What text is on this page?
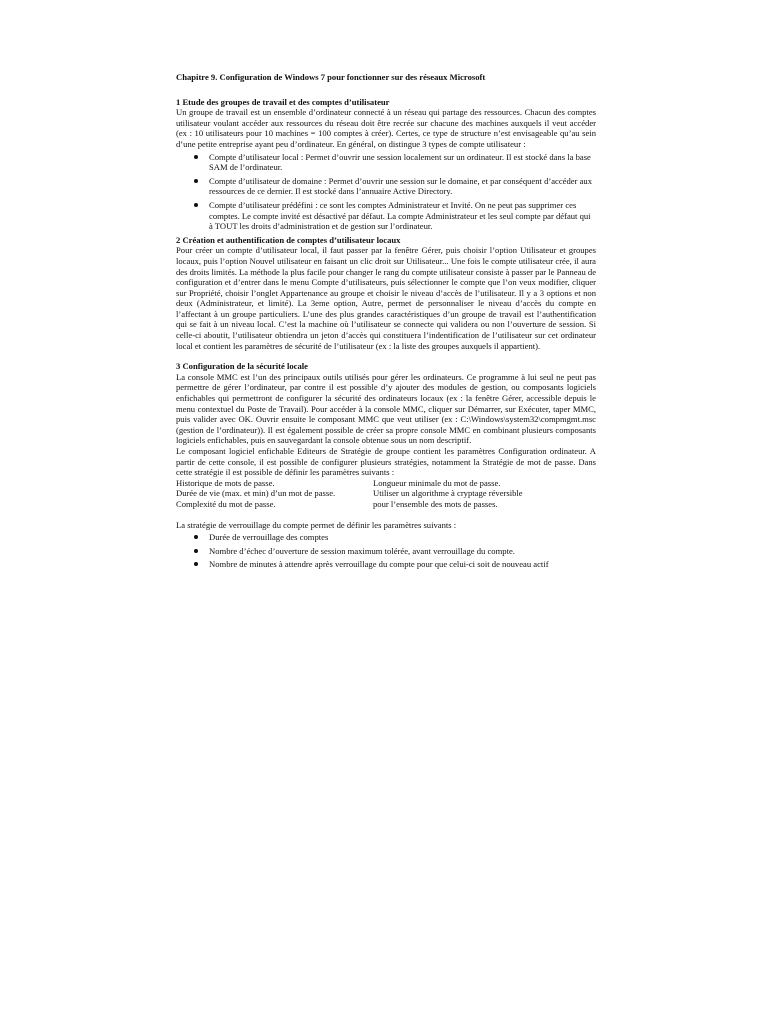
Chapitre 9. Configuration de Windows 7 pour fonctionner sur des réseaux Microsoft
1 Etude des groupes de travail et des comptes d’utilisateur

Un groupe de travail est un ensemble d’ordinateur connecté à un réseau qui partage des ressources. Chacun des comptes utilisateur voulant accéder aux ressources du réseau doit être recrée sur chacune des machines auxquels il veut accéder (ex : 10 utilisateurs pour 10 machines = 100 comptes à créer). Certes, ce type de structure n’est envisageable qu’au sein d’une petite entreprise ayant peu d’ordinateur. En général, on distingue 3 types de compte utilisateur :

Compte d’utilisateur local : Permet d’ouvrir une session localement sur un ordinateur. Il est stocké dans la base SAM de l’ordinateur.
Compte d’utilisateur de domaine : Permet d’ouvrir une session sur le domaine, et par conséquent d’accéder aux ressources de ce dernier. Il est stocké dans l’annuaire Active Directory.
Compte d’utilisateur prédéfini : ce sont les comptes Administrateur et Invité. On ne peut pas supprimer ces comptes. Le compte invité est désactivé par défaut. La compte Administrateur et les seul compte par défaut qui à TOUT les droits d’administration et de gestion sur l’ordinateur.
2 Création et authentification de comptes d’utilisateur locaux

Pour créer un compte d’utilisateur local, il faut passer par la fenêtre Gérer, puis choisir l’option Utilisateur et groupes locaux, puis l’option Nouvel utilisateur en faisant un clic droit sur Utilisateur... Une fois le compte utilisateur crée, il aura des droits limités. La méthode la plus facile pour changer le rang du compte utilisateur consiste à passer par le Panneau de configuration et d’entrer dans le menu Compte d’utilisateurs, puis sélectionner le compte que l’on veux modifier, cliquer sur Propriété, choisir l’onglet Appartenance au groupe et choisir le niveau d’accès de l’utilisateur. Il y a 3 options et non deux (Administrateur, et limité). La 3eme option, Autre, permet de personnaliser le niveau d’accès du compte en l’affectant à un groupe particuliers. L’une des plus grandes caractéristiques d’un groupe de travail est l’authentification qui se fait à un niveau local. C’est la machine où l’utilisateur se connecte qui validera ou non l’ouverture de session. Si celle-ci aboutit, l’utilisateur obtiendra un jeton d’accès qui constituera l’indentification de l’utilisateur sur cet ordinateur local et contient les paramètres de sécurité de l’utilisateur (ex : la liste des groupes auxquels il appartient).

3 Configuration de la sécurité locale

La console MMC est l’un des principaux outils utilisés pour gérer les ordinateurs. Ce programme à lui seul ne peut pas permettre de gérer l’ordinateur, par contre il est possible d’y ajouter des modules de gestion, ou composants logiciels enfichables qui permettront de configurer la sécurité des ordinateurs locaux (ex : la fenêtre Gérer, accessible depuis le menu contextuel du Poste de Travail). Pour accéder à la console MMC, cliquer sur Démarrer, sur Exécuter, taper MMC, puis valider avec OK. Ouvrir ensuite le composant MMC que veut utiliser (ex : C:\Windows\system32\compmgmt.msc (gestion de l’ordinateur)). Il est également possible de créer sa propre console MMC en combinant plusieurs composants logiciels enfichables, puis en sauvegardant la console obtenue sous un nom descriptif.

Le composant logiciel enfichable Editeurs de Stratégie de groupe contient les paramètres Configuration ordinateur. A partir de cette console, il est possible de configurer plusieurs stratégies, notamment la Stratégie de mot de passe. Dans cette stratégie il est possible de définir les paramètres suivants :

Historique de mots de passe.	Longueur minimale du mot de passe.
Durée de vie (max. et min) d’un mot de passe.	Utiliser un algorithme à cryptage réversible
Complexité du mot de passe.	pour l’ensemble des mots de passes.

La stratégie de verrouillage du compte permet de définir les paramètres suivants :

Durée de verrouillage des comptes
Nombre d’échec d’ouverture de session maximum tolérée, avant verrouillage du compte.
Nombre de minutes à attendre après verrouillage du compte pour que celui-ci soit de nouveau actif
